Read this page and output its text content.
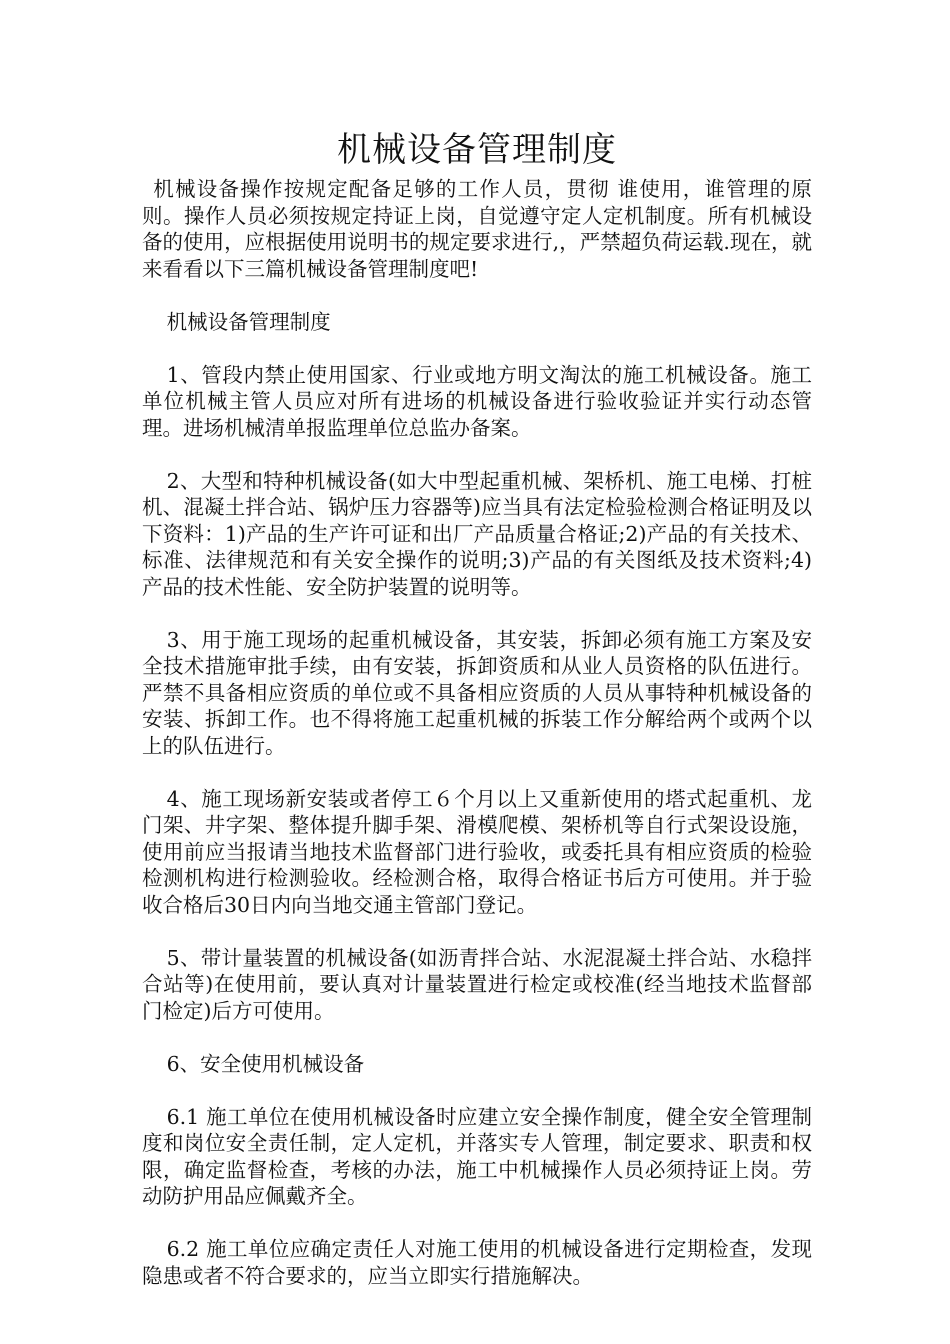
机械设备管理制度

机械设备操作按规定配备足够的工作人员，贯彻 谁使用，谁管理的原则。操作人员必须按规定持证上岗，自觉遵守定人定机制度。所有机械设备的使用，应根据使用说明书的规定要求进行,，严禁超负荷运载.现在，就来看看以下三篇机械设备管理制度吧!

机械设备管理制度

1、管段内禁止使用国家、行业或地方明文淘汰的施工机械设备。施工单位机械主管人员应对所有进场的机械设备进行验收验证并实行动态管理。进场机械清单报监理单位总监办备案。

2、大型和特种机械设备(如大中型起重机械、架桥机、施工电梯、打桩机、混凝土拌合站、锅炉压力容器等)应当具有法定检验检测合格证明及以下资料：1)产品的生产许可证和出厂产品质量合格证;2)产品的有关技术、标准、法律规范和有关安全操作的说明;3)产品的有关图纸及技术资料;4)产品的技术性能、安全防护装置的说明等。

3、用于施工现场的起重机械设备，其安装，拆卸必须有施工方案及安全技术措施审批手续，由有安装，拆卸资质和从业人员资格的队伍进行。严禁不具备相应资质的单位或不具备相应资质的人员从事特种机械设备的安装、拆卸工作。也不得将施工起重机械的拆装工作分解给两个或两个以上的队伍进行。

4、施工现场新安装或者停工６个月以上又重新使用的塔式起重机、龙门架、井字架、整体提升脚手架、滑模爬模、架桥机等自行式架设设施，使用前应当报请当地技术监督部门进行验收，或委托具有相应资质的检验检测机构进行检测验收。经检测合格，取得合格证书后方可使用。并于验收合格后30日内向当地交通主管部门登记。

5、带计量装置的机械设备(如沥青拌合站、水泥混凝土拌合站、水稳拌合站等)在使用前，要认真对计量装置进行检定或校准(经当地技术监督部门检定)后方可使用。

6、安全使用机械设备

6.1 施工单位在使用机械设备时应建立安全操作制度，健全安全管理制度和岗位安全责任制，定人定机，并落实专人管理，制定要求、职责和权限，确定监督检查，考核的办法，施工中机械操作人员必须持证上岗。劳动防护用品应佩戴齐全。

6.2 施工单位应确定责任人对施工使用的机械设备进行定期检查，发现隐患或者不符合要求的，应当立即实行措施解决。
